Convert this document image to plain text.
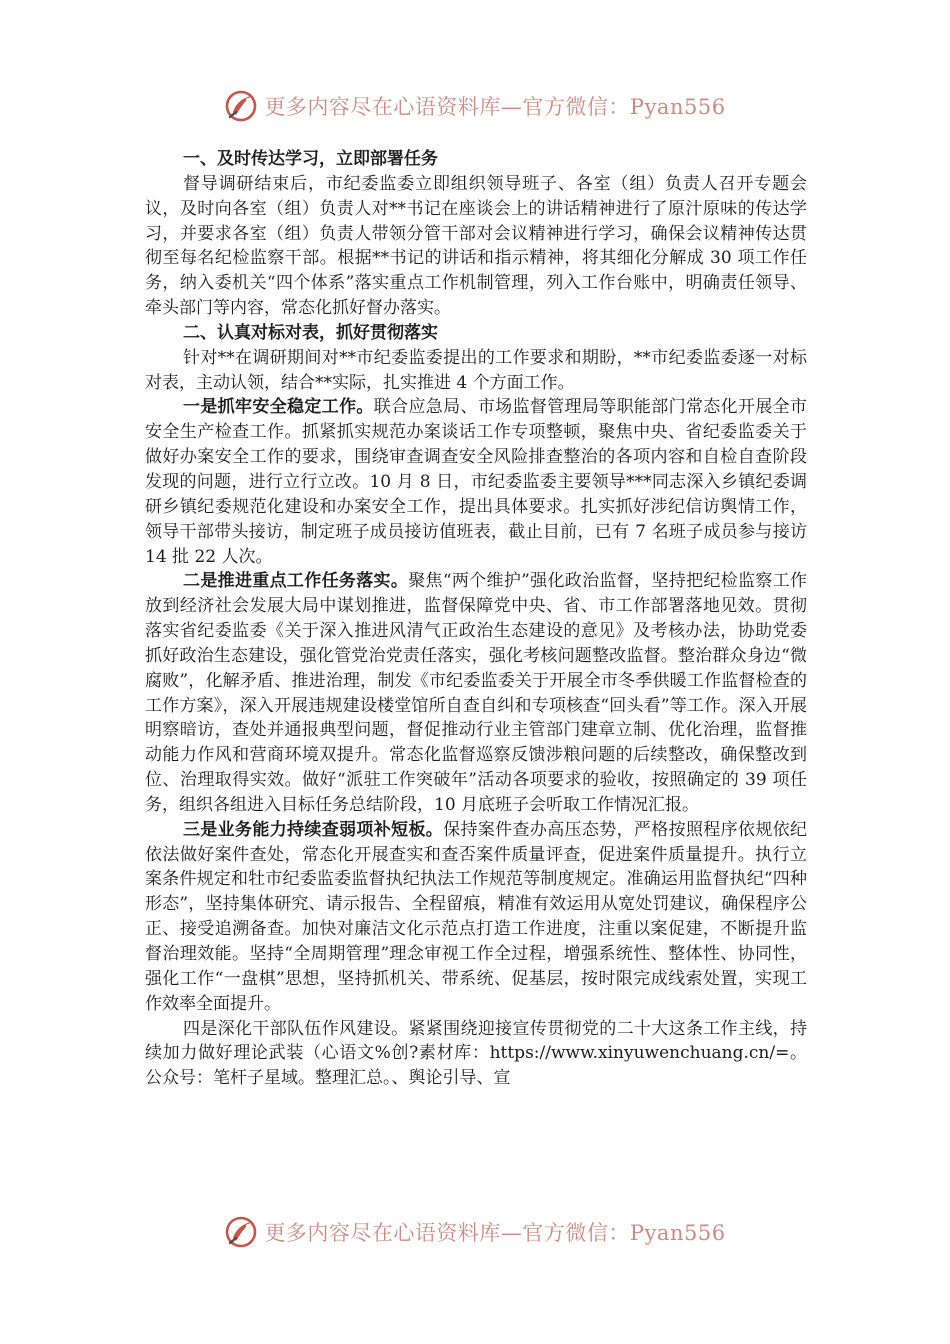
更多内容尽在心语资料库—官方微信：Pyan556
一、及时传达学习，立即部署任务
督导调研结束后，市纪委监委立即组织领导班子、各室（组）负责人召开专题会议，及时向各室（组）负责人对**书记在座谈会上的讲话精神进行了原汁原味的传达学习，并要求各室（组）负责人带领分管干部对会议精神进行学习，确保会议精神传达贯彻至每名纪检监察干部。根据**书记的讲话和指示精神，将其细化分解成 30 项工作任务，纳入委机关“四个体系”落实重点工作机制管理，列入工作台账中，明确责任领导、牵头部门等内容，常态化抓好督办落实。
二、认真对标对表，抓好贯彻落实
针对**在调研期间对**市纪委监委提出的工作要求和期盼，**市纪委监委逐一对标对表，主动认领，结合**实际，扎实推进 4 个方面工作。
一是抓牢安全稳定工作。联合应急局、市场监督管理局等职能部门常态化开展全市安全生产检查工作。抓紧抓实规范办案谈话工作专项整顿，聚焦中央、省纪委监委关于做好办案安全工作的要求，围绕审查调查安全风险排查整治的各项内容和自检自查阶段发现的问题，进行立行立改。10 月 8 日，市纪委监委主要领导***同志深入乡镇纪委调研乡镇纪委规范化建设和办案安全工作，提出具体要求。扎实抓好涉纪信访舆情工作，领导干部带头接访，制定班子成员接访值班表，截止目前，已有 7 名班子成员参与接访 14 批 22 人次。
二是推进重点工作任务落实。聚焦“两个维护”强化政治监督，坚持把纪检监察工作放到经济社会发展大局中谋划推进，监督保障党中央、省、市工作部署落地见效。贯彻落实省纪委监委《关于深入推进风清气正政治生态建设的意见》及考核办法，协助党委抓好政治生态建设，强化管党治党责任落实，强化考核问题整改监督。整治群众身边“微腐败”，化解矛盾、推进治理，制发《市纪委监委关于开展全市冬季供暖工作监督检查的工作方案》，深入开展违规建设楼堂馆所自查自纠和专项核查“回头看”等工作。深入开展明察暗访，查处并通报典型问题，督促推动行业主管部门建章立制、优化治理，监督推动能力作风和营商环境双提升。常态化监督巡察反馈涉粮问题的后续整改，确保整改到位、治理取得实效。做好“派驻工作突破年”活动各项要求的验收，按照确定的 39 项任务，组织各组进入目标任务总结阶段，10 月底班子会听取工作情况汇报。
三是业务能力持续查弱项补短板。保持案件查办高压态势，严格按照程序依规依纪依法做好案件查处，常态化开展查实和查否案件质量评查，促进案件质量提升。执行立案条件规定和牡市纪委监委监督执纪执法工作规范等制度规定。准确运用监督执纪“四种形态”，坚持集体研究、请示报告、全程留痕，精准有效运用从宽处罚建议，确保程序公正、接受追溯备查。加快对廉洁文化示范点打造工作进度，注重以案促建，不断提升监督治理效能。坚持“全周期管理”理念审视工作全过程，增强系统性、整体性、协同性，强化工作“一盘棋”思想，坚持抓机关、带系统、促基层，按时限完成线索处置，实现工作效率全面提升。
四是深化干部队伍作风建设。紧紧围绕迎接宣传贯彻党的二十大这条工作主线，持续加力做好理论武装（心语文%创?素材库：https://www.xinyuwenchuang.cn/=。公众号：笔杆子星域。整理汇总。、舆论引导、宣
更多内容尽在心语资料库—官方微信：Pyan556
